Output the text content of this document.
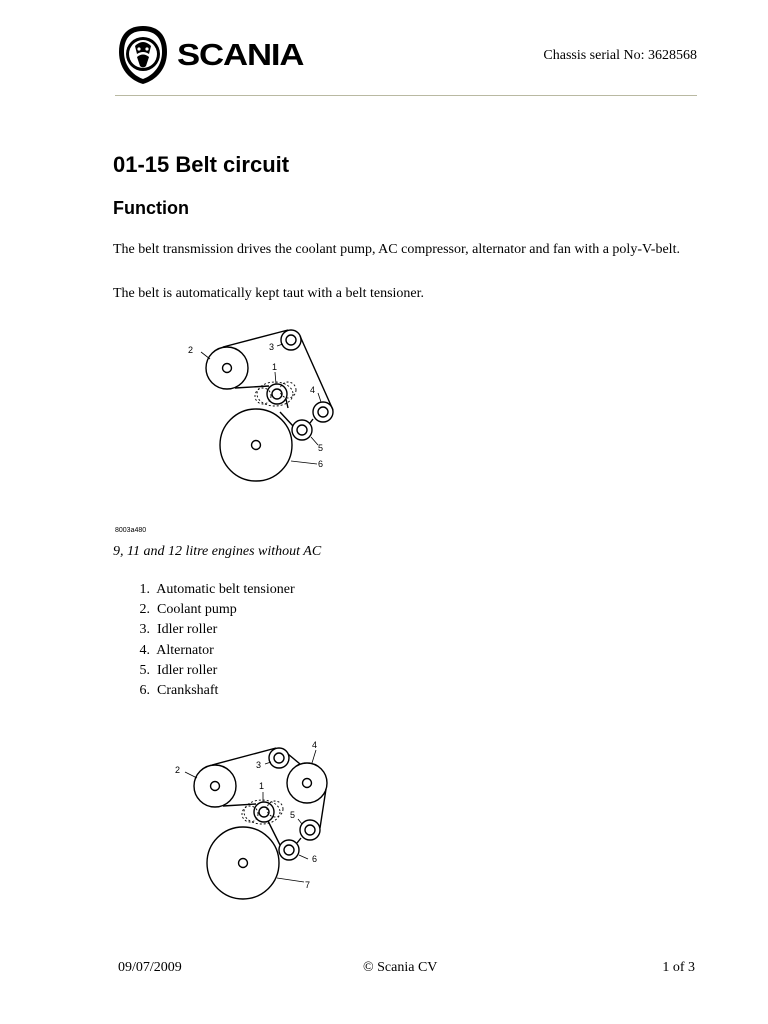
SCANIA	Chassis serial No: 3628568
01-15 Belt circuit
Function

The belt transmission drives the coolant pump, AC compressor, alternator and fan with a poly-V-belt.

The belt is automatically kept taut with a belt tensioner.

1
2	3
4
5
6
8003a480
9, 11 and 12 litre engines without AC
1. Automatic belt tensioner
2. Coolant pump
3. Idler roller
4. Alternator
5. Idler roller
6. Crankshaft
1
2	3
4
5
6
7
09/07/2009	© Scania CV	1 of 3
